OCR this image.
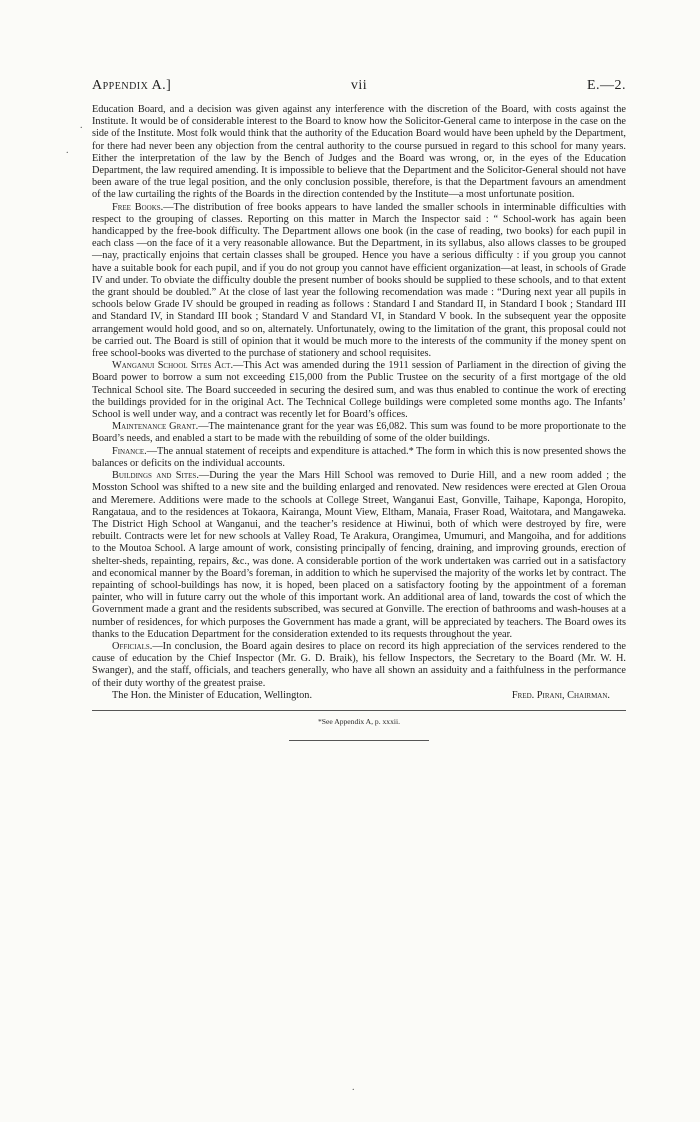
Appendix A.]	vii	E.—2.

Education Board, and a decision was given against any interference with the discretion of the Board, with costs against the Institute. It would be of considerable interest to the Board to know how the Solicitor-General came to interpose in the case on the side of the Institute. Most folk would think that the authority of the Education Board would have been upheld by the Department, for there had never been any objection from the central authority to the course pursued in regard to this school for many years. Either the interpretation of the law by the Bench of Judges and the Board was wrong, or, in the eyes of the Education Department, the law required amending. It is impossible to believe that the Department and the Solicitor-General should not have been aware of the true legal position, and the only conclusion possible, therefore, is that the Department favours an amendment of the law curtailing the rights of the Boards in the direction contended by the Institute—a most unfortunate position.

Free Books.—The distribution of free books appears to have landed the smaller schools in interminable difficulties with respect to the grouping of classes. Reporting on this matter in March the Inspector said : “ School-work has again been handicapped by the free-book difficulty. The Department allows one book (in the case of reading, two books) for each pupil in each class —on the face of it a very reasonable allowance. But the Department, in its syllabus, also allows classes to be grouped—nay, practically enjoins that certain classes shall be grouped. Hence you have a serious difficulty : if you group you cannot have a suitable book for each pupil, and if you do not group you cannot have efficient organization—at least, in schools of Grade IV and under. To obviate the difficulty double the present number of books should be supplied to these schools, and to that extent the grant should be doubled.” At the close of last year the following recomendation was made : “During next year all pupils in schools below Grade IV should be grouped in reading as follows : Standard I and Standard II, in Standard I book ; Standard III and Standard IV, in Standard III book ; Standard V and Standard VI, in Standard V book. In the subsequent year the opposite arrangement would hold good, and so on, alternately. Unfortunately, owing to the limitation of the grant, this proposal could not be carried out. The Board is still of opinion that it would be much more to the interests of the community if the money spent on free school-books was diverted to the purchase of stationery and school requisites.

Wanganui School Sites Act.—This Act was amended during the 1911 session of Parliament in the direction of giving the Board power to borrow a sum not exceeding £15,000 from the Public Trustee on the security of a first mortgage of the old Technical School site. The Board succeeded in securing the desired sum, and was thus enabled to continue the work of erecting the buildings provided for in the original Act. The Technical College buildings were completed some months ago. The Infants’ School is well under way, and a contract was recently let for Board’s offices.

Maintenance Grant.—The maintenance grant for the year was £6,082. This sum was found to be more proportionate to the Board’s needs, and enabled a start to be made with the rebuilding of some of the older buildings.

Finance.—The annual statement of receipts and expenditure is attached.* The form in which this is now presented shows the balances or deficits on the individual accounts.

Buildings and Sites.—During the year the Mars Hill School was removed to Durie Hill, and a new room added ; the Mosston School was shifted to a new site and the building enlarged and renovated. New residences were erected at Glen Oroua and Meremere. Additions were made to the schools at College Street, Wanganui East, Gonville, Taihape, Kaponga, Horopito, Rangataua, and to the residences at Tokaora, Kairanga, Mount View, Eltham, Manaia, Fraser Road, Waitotara, and Mangaweka. The District High School at Wanganui, and the teacher’s residence at Hiwinui, both of which were destroyed by fire, were rebuilt. Contracts were let for new schools at Valley Road, Te Arakura, Orangimea, Umumuri, and Mangoiha, and for additions to the Moutoa School. A large amount of work, consisting principally of fencing, draining, and improving grounds, erection of shelter-sheds, repainting, repairs, &c., was done. A considerable portion of the work undertaken was carried out in a satisfactory and economical manner by the Board’s foreman, in addition to which he supervised the majority of the works let by contract. The repainting of school-buildings has now, it is hoped, been placed on a satisfactory footing by the appointment of a foreman painter, who will in future carry out the whole of this important work. An additional area of land, towards the cost of which the Government made a grant and the residents subscribed, was secured at Gonville. The erection of bathrooms and wash-houses at a number of residences, for which purposes the Government has made a grant, will be appreciated by teachers. The Board owes its thanks to the Education Department for the consideration extended to its requests throughout the year.

Officials.—In conclusion, the Board again desires to place on record its high appreciation of the services rendered to the cause of education by the Chief Inspector (Mr. G. D. Braik), his fellow Inspectors, the Secretary to the Board (Mr. W. H. Swanger), and the staff, officials, and teachers generally, who have all shown an assiduity and a faithfulness in the performance of their duty worthy of the greatest praise.

The Hon. the Minister of Education, Wellington.	Fred. Pirani, Chairman.
*See Appendix A, p. xxxii.
.
.
.
